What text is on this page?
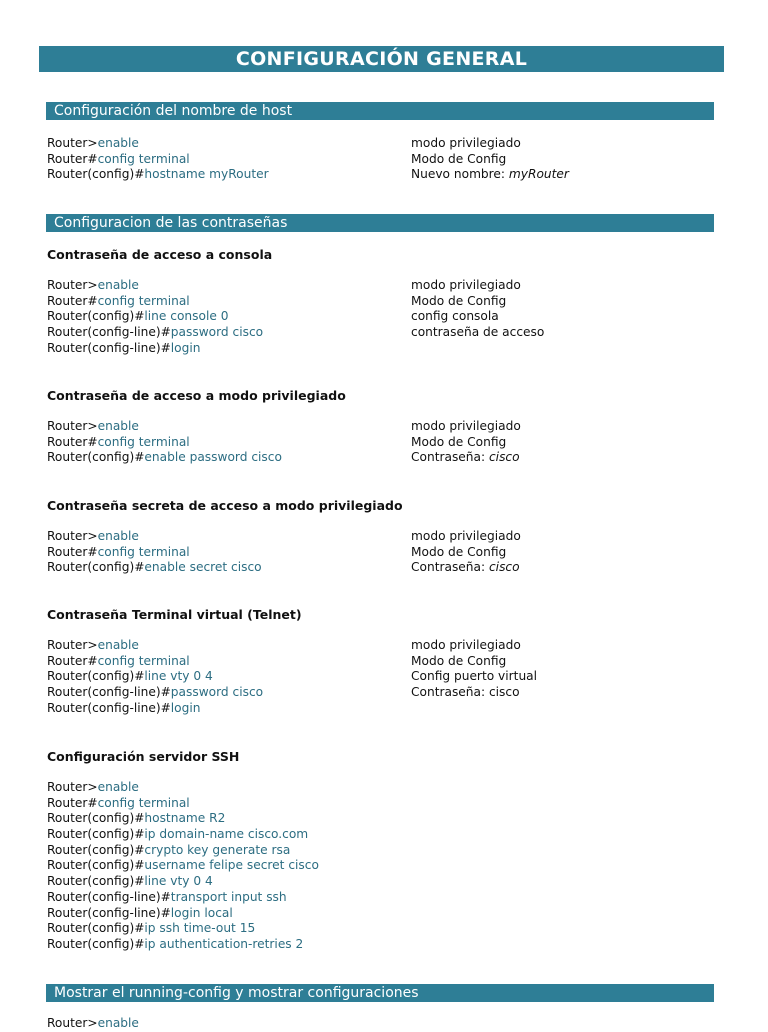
CONFIGURACIÓN GENERAL
Configuración del nombre de host
Router>enable	modo privilegiado
Router#config terminal	Modo de Config
Router(config)#hostname myRouter	Nuevo nombre: myRouter
Configuracion de las contraseñas
Contraseña de acceso a consola
Router>enable	modo privilegiado
Router#config terminal	Modo de Config
Router(config)#line console 0	config consola
Router(config-line)#password cisco	contraseña de acceso
Router(config-line)#login
Contraseña de acceso a modo privilegiado
Router>enable	modo privilegiado
Router#config terminal	Modo de Config
Router(config)#enable password cisco	Contraseña: cisco
Contraseña secreta de acceso a modo privilegiado
Router>enable	modo privilegiado
Router#config terminal	Modo de Config
Router(config)#enable secret cisco	Contraseña: cisco
Contraseña Terminal virtual (Telnet)
Router>enable	modo privilegiado
Router#config terminal	Modo de Config
Router(config)#line vty 0 4	Config puerto virtual
Router(config-line)#password cisco	Contraseña: cisco
Router(config-line)#login
Configuración servidor SSH
Router>enable
Router#config terminal
Router(config)#hostname R2
Router(config)#ip domain-name cisco.com
Router(config)#crypto key generate rsa
Router(config)#username felipe secret cisco
Router(config)#line vty 0 4
Router(config-line)#transport input ssh
Router(config-line)#login local
Router(config)#ip ssh time-out 15
Router(config)#ip authentication-retries 2
Mostrar el running-config y mostrar configuraciones
Router>enable
